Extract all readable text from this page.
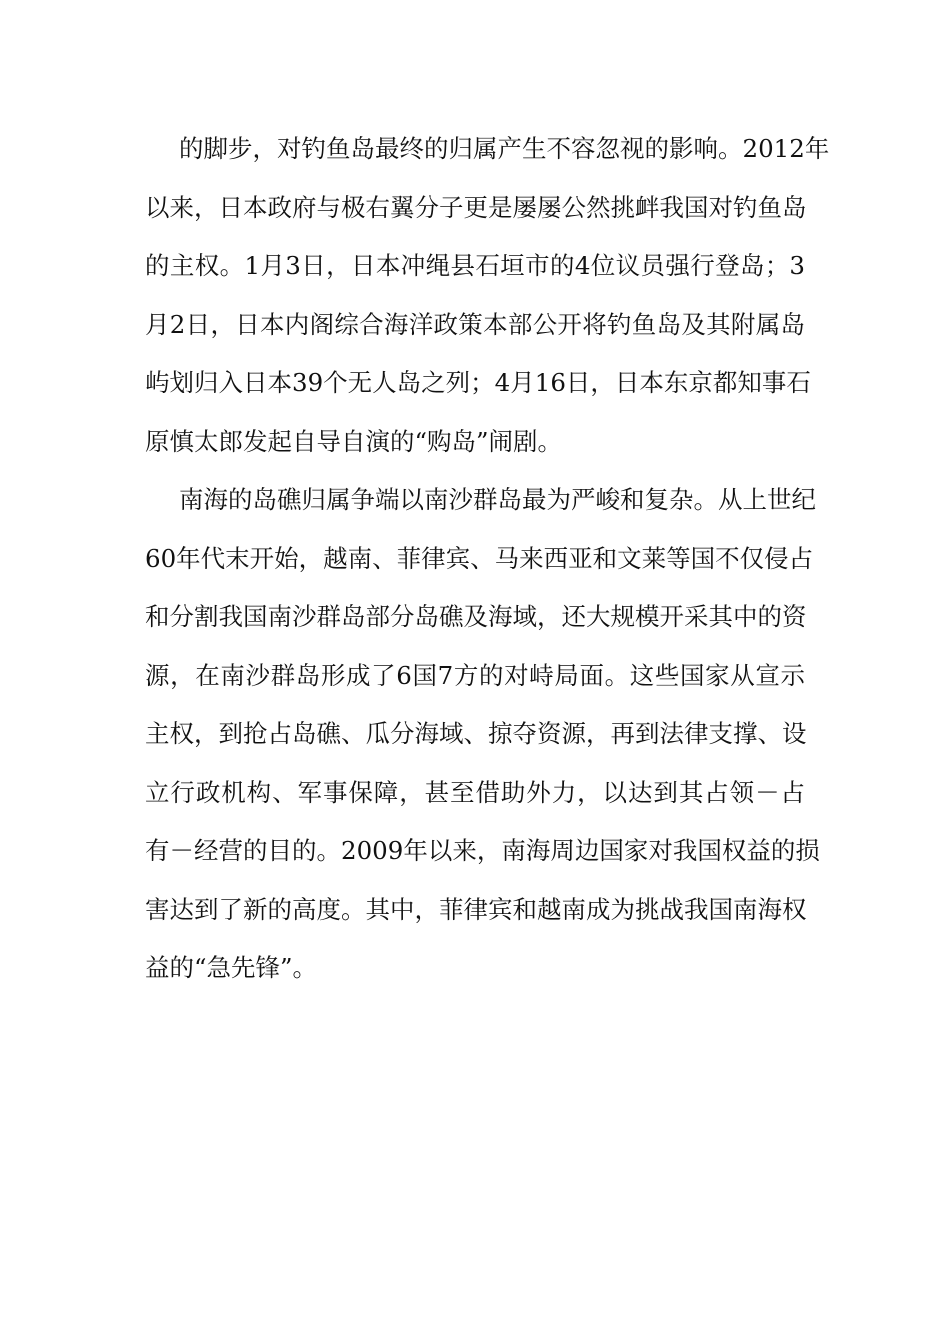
的脚步，对钓鱼岛最终的归属产生不容忽视的影响。2012年
以来，日本政府与极右翼分子更是屡屡公然挑衅我国对钓鱼岛
的主权。1月3日，日本冲绳县石垣市的4位议员强行登岛；3
月2日，日本内阁综合海洋政策本部公开将钓鱼岛及其附属岛
屿划归入日本39个无人岛之列；4月16日，日本东京都知事石
原慎太郎发起自导自演的“购岛”闹剧。
南海的岛礁归属争端以南沙群岛最为严峻和复杂。从上世纪
60年代末开始，越南、菲律宾、马来西亚和文莱等国不仅侵占
和分割我国南沙群岛部分岛礁及海域，还大规模开采其中的资
源，在南沙群岛形成了6国7方的对峙局面。这些国家从宣示
主权，到抢占岛礁、瓜分海域、掠夺资源，再到法律支撑、设
立行政机构、军事保障，甚至借助外力，以达到其占领－占
有－经营的目的。2009年以来，南海周边国家对我国权益的损
害达到了新的高度。其中，菲律宾和越南成为挑战我国南海权
益的“急先锋”。
